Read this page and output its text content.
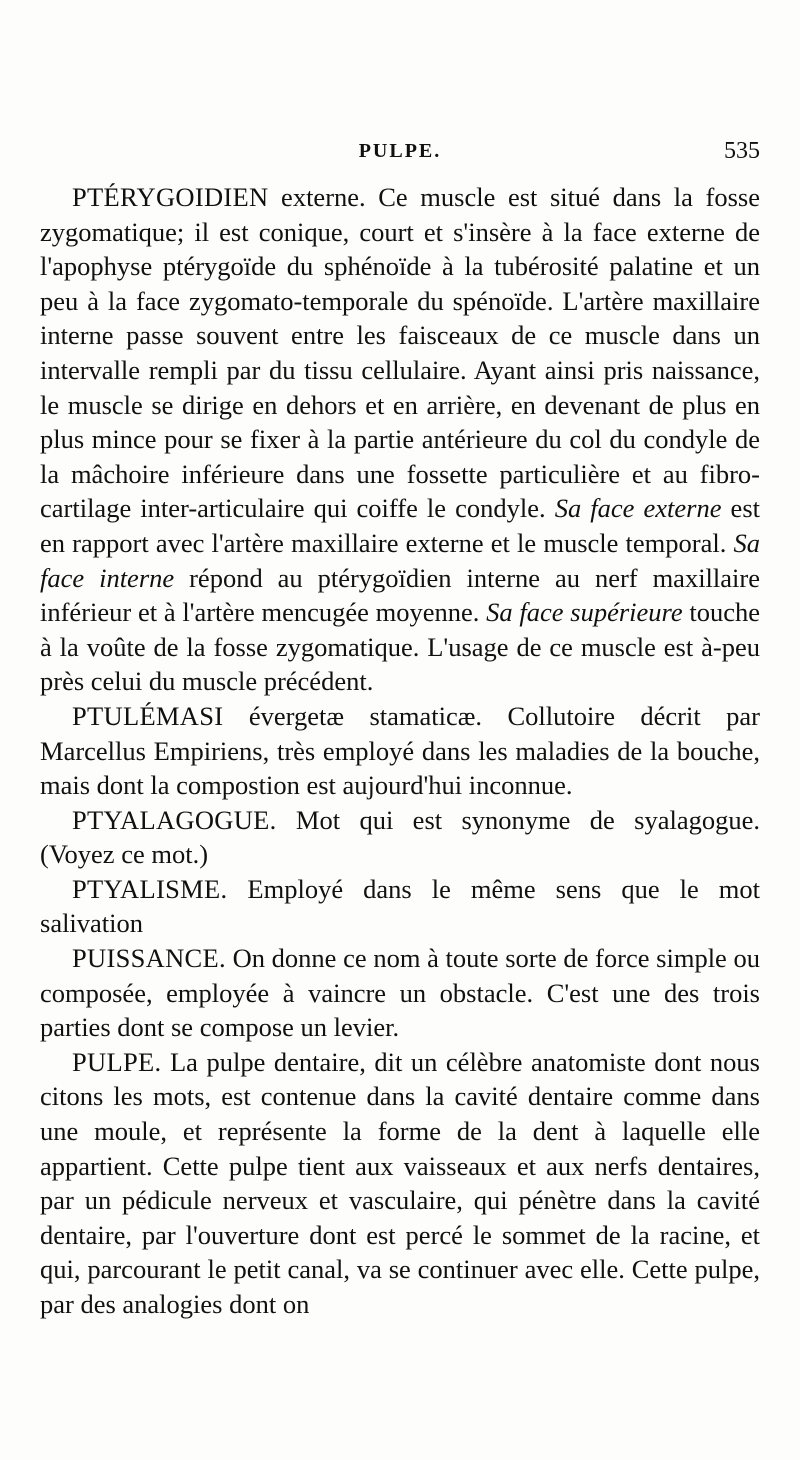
PULPE.	535

PTÉRYGOIDIEN externe. Ce muscle est situé dans la fosse zygomatique; il est conique, court et s'insère à la face externe de l'apophyse ptérygoïde du sphénoïde à la tubérosité palatine et un peu à la face zygomato-temporale du spénoïde. L'artère maxillaire interne passe souvent entre les faisceaux de ce muscle dans un intervalle rempli par du tissu cellulaire. Ayant ainsi pris naissance, le muscle se dirige en dehors et en arrière, en devenant de plus en plus mince pour se fixer à la partie antérieure du col du condyle de la mâchoire inférieure dans une fossette particulière et au fibro-cartilage inter-articulaire qui coiffe le condyle. Sa face externe est en rapport avec l'artère maxillaire externe et le muscle temporal. Sa face interne répond au ptérygoïdien interne au nerf maxillaire inférieur et à l'artère mencugée moyenne. Sa face supérieure touche à la voûte de la fosse zygomatique. L'usage de ce muscle est à-peu près celui du muscle précédent.

PTULÉMASI évergetæ stamaticæ. Collutoire décrit par Marcellus Empiriens, très employé dans les maladies de la bouche, mais dont la compostion est aujourd'hui inconnue.

PTYALAGOGUE. Mot qui est synonyme de syalagogue. (Voyez ce mot.)

PTYALISME. Employé dans le même sens que le mot salivation

PUISSANCE. On donne ce nom à toute sorte de force simple ou composée, employée à vaincre un obstacle. C'est une des trois parties dont se compose un levier.

PULPE. La pulpe dentaire, dit un célèbre anatomiste dont nous citons les mots, est contenue dans la cavité dentaire comme dans une moule, et représente la forme de la dent à laquelle elle appartient. Cette pulpe tient aux vaisseaux et aux nerfs dentaires, par un pédicule nerveux et vasculaire, qui pénètre dans la cavité dentaire, par l'ouverture dont est percé le sommet de la racine, et qui, parcourant le petit canal, va se continuer avec elle. Cette pulpe, par des analogies dont on
